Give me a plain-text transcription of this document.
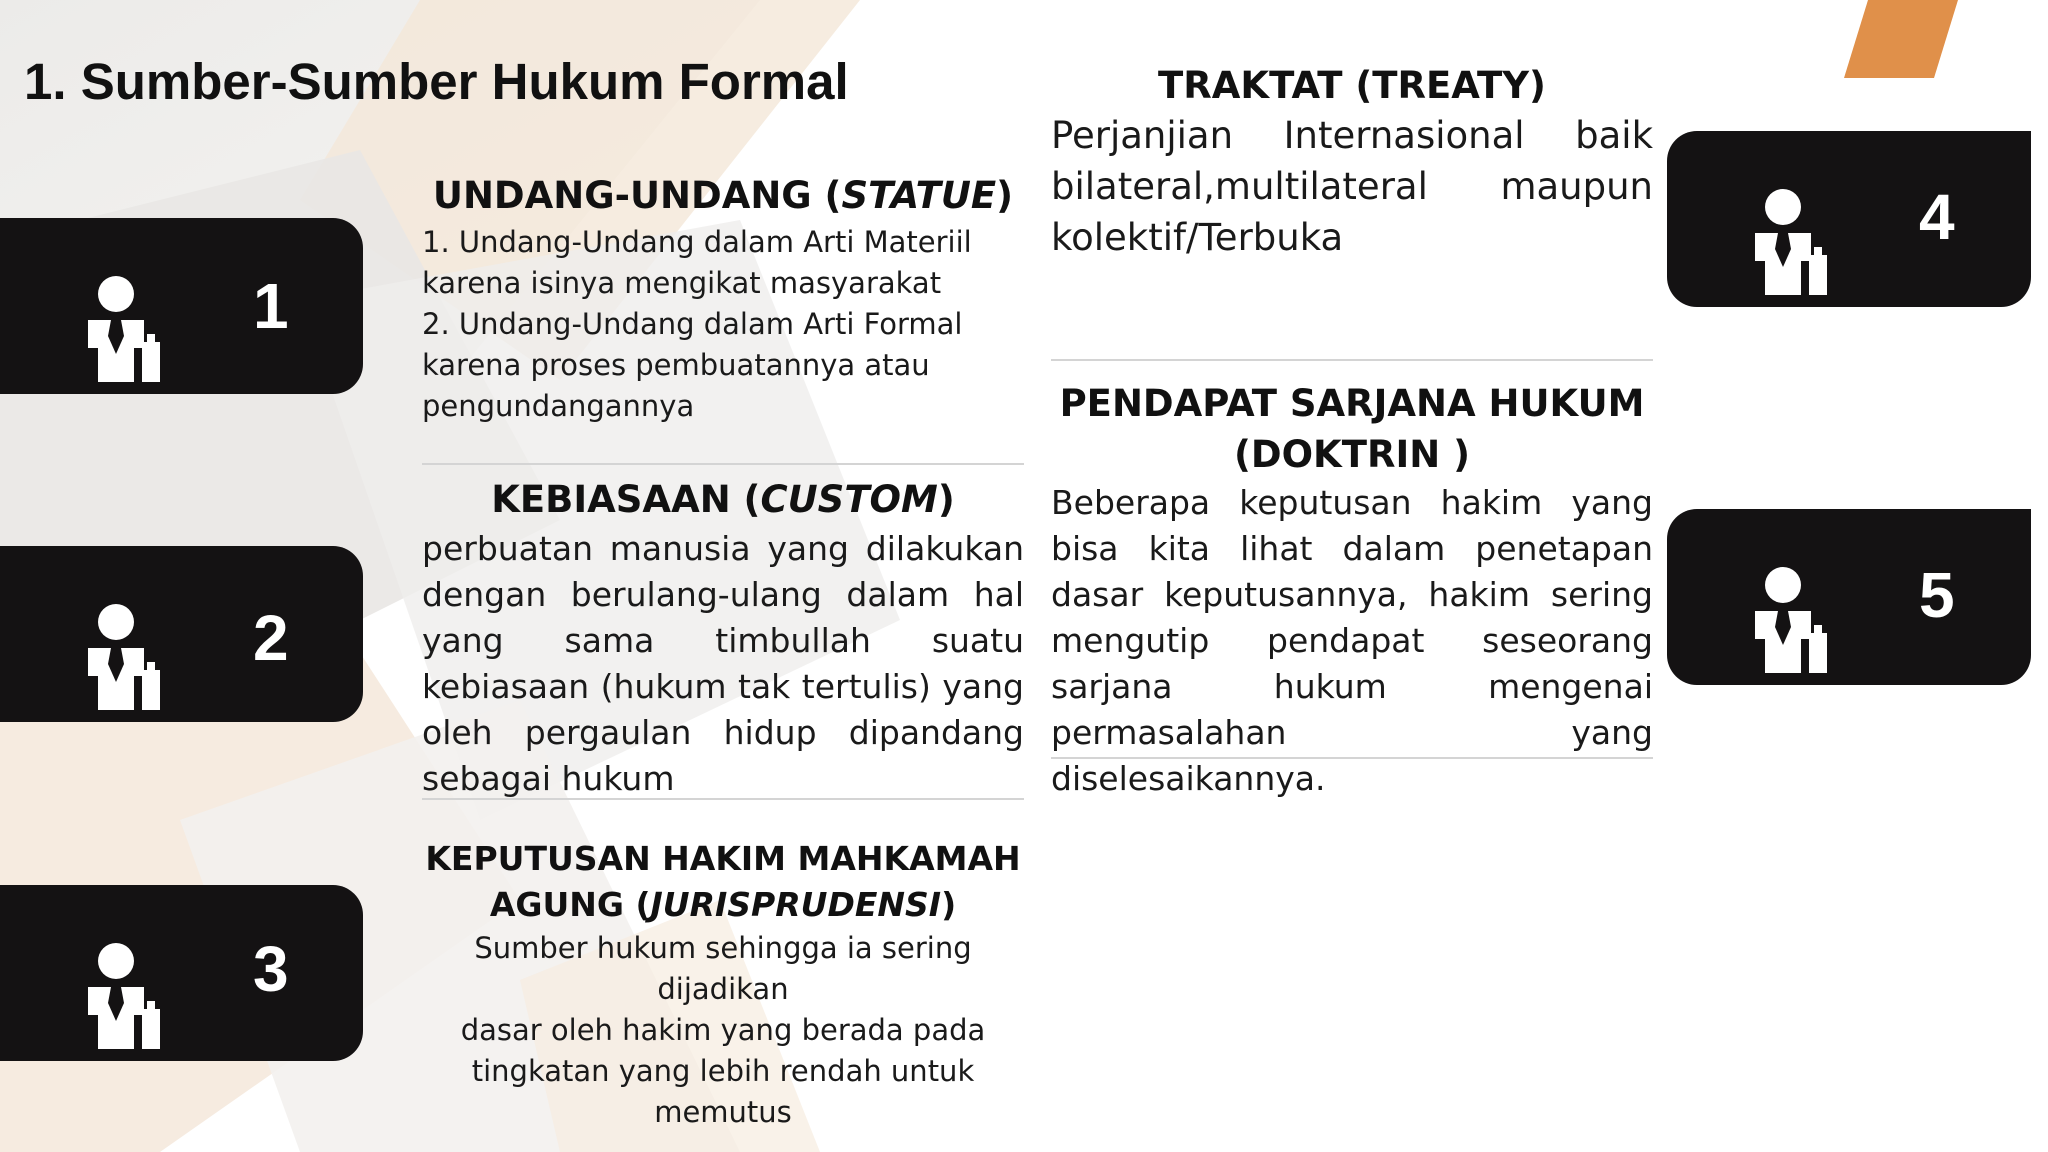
1. Sumber-Sumber Hukum Formal
1
2
3
4
5

UNDANG-UNDANG (STATUE)

1. Undang-Undang dalam Arti Materiil
karena isinya mengikat masyarakat
2. Undang-Undang dalam Arti Formal
karena proses pembuatannya atau
pengundangannya

KEBIASAAN (CUSTOM)

perbuatan manusia yang dilakukan dengan berulang-ulang dalam hal yang sama timbullah suatu kebiasaan (hukum tak tertulis) yang oleh pergaulan hidup dipandang sebagai hukum

KEPUTUSAN HAKIM MAHKAMAH
AGUNG (JURISPRUDENSI)

Sumber hukum sehingga ia sering dijadikan
dasar oleh hakim yang berada pada
tingkatan yang lebih rendah untuk
memutus

TRAKTAT (TREATY)

Perjanjian Internasional baik bilateral,multilateral maupun kolektif/Terbuka

PENDAPAT SARJANA HUKUM
(DOKTRIN )

Beberapa keputusan hakim yang bisa kita lihat dalam penetapan dasar keputusannya, hakim sering mengutip pendapat seseorang sarjana hukum mengenai permasalahan yang diselesaikannya.
